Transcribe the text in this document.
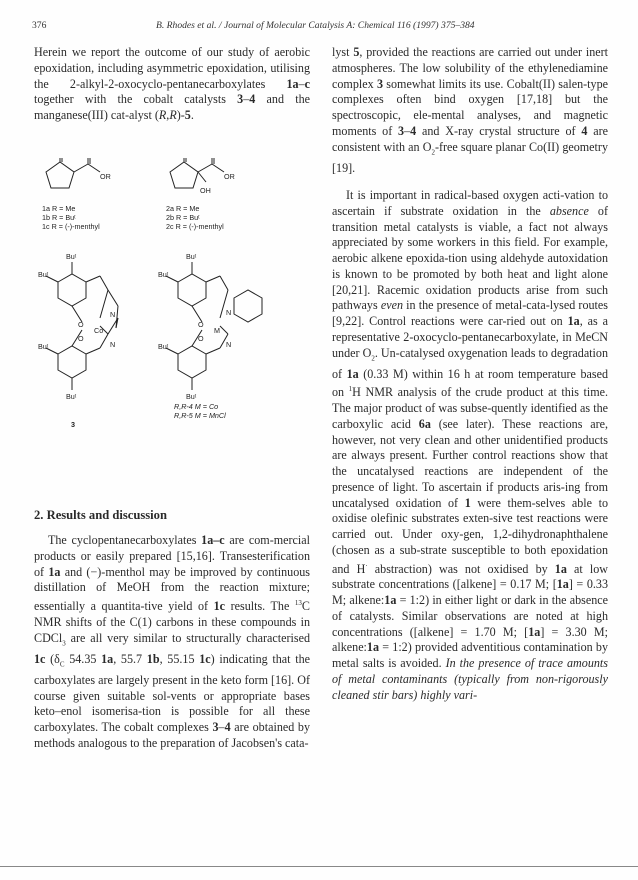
376	B. Rhodes et al. / Journal of Molecular Catalysis A: Chemical 116 (1997) 375–384

Herein we report the outcome of our study of aerobic epoxidation, including asymmetric epoxidation, utilising the 2-alkyl-2-oxocyclo-pentanecarboxylates 1a–c together with the cobalt catalysts 3–4 and the manganese(III) cat-alyst (R,R)-5.

OR	OR
OH
1a R = Me
1b R = Buᵗ
1c R = (-)-menthyl
2a R = Me
2b R = Buᵗ
2c R = (-)-menthyl
Buᵗ
Buᵗ
Buᵗ
Buᵗ
Buᵗ
Buᵗ
Buᵗ
Buᵗ
O
O
Co
N
N
O
O
M
N
N
3
R,R-4 M = Co
R,R-5 M = MnCl
2. Results and discussion

The cyclopentanecarboxylates 1a–c are com-mercial products or easily prepared [15,16]. Transesterification of 1a and (−)-menthol may be improved by continuous distillation of MeOH from the reaction mixture; essentially a quantita-tive yield of 1c results. The $^{13}$C NMR shifts of the C(1) carbons in these compounds in CDCl$_3$ are all very similar to structurally characterised 1c ($\delta_C$ 54.35 1a, 55.7 1b, 55.15 1c) indicating that the carboxylates are largely present in the keto form [16]. Of course given suitable sol-vents or appropriate bases keto–enol isomerisa-tion is possible for all these carboxylates. The cobalt complexes 3–4 are obtained by methods analogous to the preparation of Jacobsen's cata-

lyst 5, provided the reactions are carried out under inert atmospheres. The low solubility of the ethylenediamine complex 3 somewhat limits its use. Cobalt(II) salen-type complexes often bind oxygen [17,18] but the spectroscopic, ele-mental analyses, and magnetic moments of 3–4 and X-ray crystal structure of 4 are consistent with an $O_2$-free square planar Co(II) geometry [19].

It is important in radical-based oxygen acti-vation to ascertain if substrate oxidation in the absence of transition metal catalysts is viable, a fact not always appreciated by some workers in this field. For example, aerobic alkene epoxida-tion using aldehyde autoxidation is known to be promoted by both heat and light alone [20,21]. Racemic oxidation products arise from such pathways even in the presence of metal-cata-lysed routes [9,22]. Control reactions were car-ried out on 1a, as a representative 2-oxocyclo-pentanecarboxylate, in MeCN under $O_2$. Un-catalysed oxygenation leads to degradation of 1a (0.33 M) within 16 h at room temperature based on $^1$H NMR analysis of the crude product at this time. The major product of was subse-quently identified as the carboxylic acid 6a (see later). These reactions are, however, not very clean and other unidentified products are always present. Further control reactions show that the uncatalysed reactions are independent of the presence of light. To ascertain if products aris-ing from uncatalysed oxidation of 1 were them-selves able to oxidise olefinic substrates exten-sive test reactions were carried out. Under oxy-gen, 1,2-dihydronaphthalene (chosen as a sub-strate susceptible to both epoxidation and H· abstraction) was not oxidised by 1a at low substrate concentrations ([alkene] = 0.17 M; [1a] = 0.33 M; alkene:1a = 1:2) in either light or dark in the absence of catalysts. Similar observations are noted at high concentrations ([alkene] = 1.70 M; [1a] = 3.30 M; alkene:1a = 1:2) provided adventitious contamination by metal salts is avoided. In the presence of trace amounts of metal contaminants (typically from non-rigorously cleaned stir bars) highly vari-
